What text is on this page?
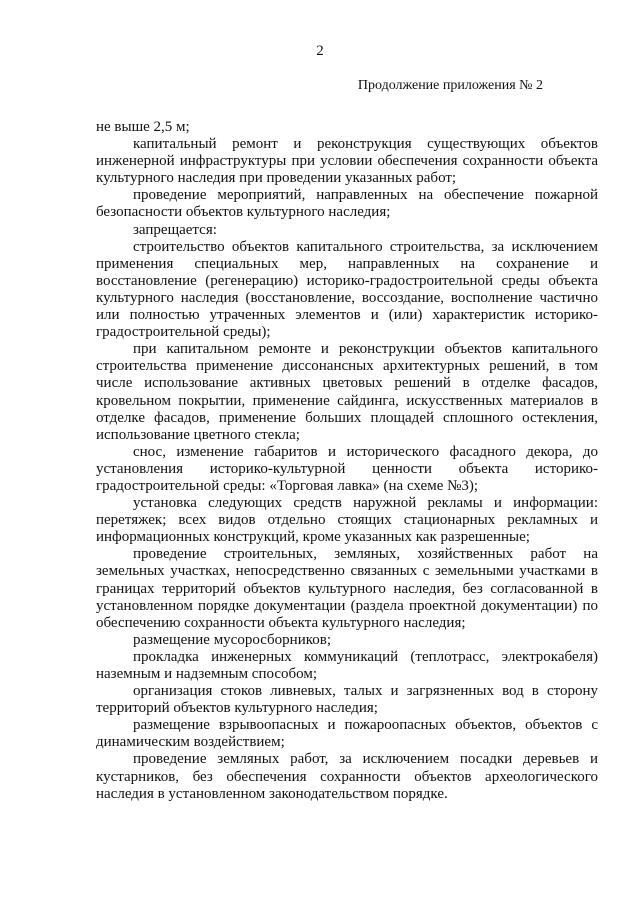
2
Продолжение приложения № 2

не выше 2,5 м;

капитальный ремонт и реконструкция существующих объектов инженерной инфраструктуры при условии обеспечения сохранности объекта культурного наследия при проведении указанных работ;

проведение мероприятий, направленных на обеспечение пожарной безопасности объектов культурного наследия;

запрещается:

строительство объектов капитального строительства, за исключением применения специальных мер, направленных на сохранение и восстановление (регенерацию) историко-градостроительной среды объекта культурного наследия (восстановление, воссоздание, восполнение частично или полностью утраченных элементов и (или) характеристик историко-градостроительной среды);

при капитальном ремонте и реконструкции объектов капитального строительства применение диссонансных архитектурных решений, в том числе использование активных цветовых решений в отделке фасадов, кровельном покрытии, применение сайдинга, искусственных материалов в отделке фасадов, применение больших площадей сплошного остекления, использование цветного стекла;

снос, изменение габаритов и исторического фасадного декора, до установления историко-культурной ценности объекта историко-градостроительной среды: «Торговая лавка» (на схеме №3);

установка следующих средств наружной рекламы и информации: перетяжек; всех видов отдельно стоящих стационарных рекламных и информационных конструкций, кроме указанных как разрешенные;

проведение строительных, земляных, хозяйственных работ на земельных участках, непосредственно связанных с земельными участками в границах территорий объектов культурного наследия, без согласованной в установленном порядке документации (раздела проектной документации) по обеспечению сохранности объекта культурного наследия;

размещение мусоросборников;

прокладка инженерных коммуникаций (теплотрасс, электрокабеля) наземным и надземным способом;

организация стоков ливневых, талых и загрязненных вод в сторону территорий объектов культурного наследия;

размещение взрывоопасных и пожароопасных объектов, объектов с динамическим воздействием;

проведение земляных работ, за исключением посадки деревьев и кустарников, без обеспечения сохранности объектов археологического наследия в установленном законодательством порядке.
